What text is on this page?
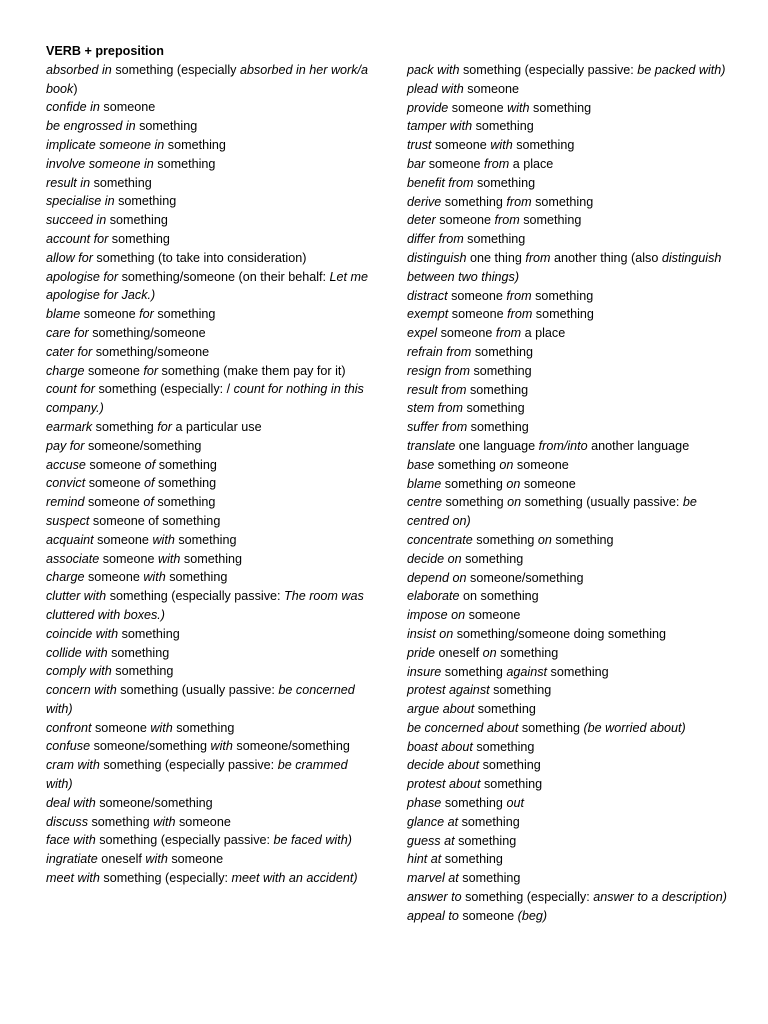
VERB + preposition

absorbed in something (especially absorbed in her work/a book)

confide in someone

be engrossed in something

implicate someone in something

involve someone in something

result in something

specialise in something

succeed in something

account for something

allow for something (to take into consideration)

apologise for something/someone (on their behalf: Let me apologise for Jack.)

blame someone for something

care for something/someone

cater for something/someone

charge someone for something (make them pay for it)

count for something (especially: / count for nothing in this company.)

earmark something for a particular use

pay for someone/something

accuse someone of something

convict someone of something

remind someone of something

suspect someone of something

acquaint someone with something

associate someone with something

charge someone with something

clutter with something (especially passive: The room was cluttered with boxes.)

coincide with something

collide with something

comply with something

concern with something (usually passive: be concerned with)

confront someone with something

confuse someone/something with someone/something

cram with something (especially passive: be crammed with)

deal with someone/something

discuss something with someone

face with something (especially passive: be faced with)

ingratiate oneself with someone

meet with something (especially: meet with an accident)

pack with something (especially passive: be packed with)

plead with someone

provide someone with something

tamper with something

trust someone with something

bar someone from a place

benefit from something

derive something from something

deter someone from something

differ from something

distinguish one thing from another thing (also distinguish between two things)

distract someone from something

exempt someone from something

expel someone from a place

refrain from something

resign from something

result from something

stem from something

suffer from something

translate one language from/into another language

base something on someone

blame something on someone

centre something on something (usually passive: be centred on)

concentrate something on something

decide on something

depend on someone/something

elaborate on something

impose on someone

insist on something/someone doing something

pride oneself on something

insure something against something

protest against something

argue about something

be concerned about something (be worried about)

boast about something

decide about something

protest about something

phase something out

glance at something

guess at something

hint at something

marvel at something

answer to something (especially: answer to a description)

appeal to someone (beg)
